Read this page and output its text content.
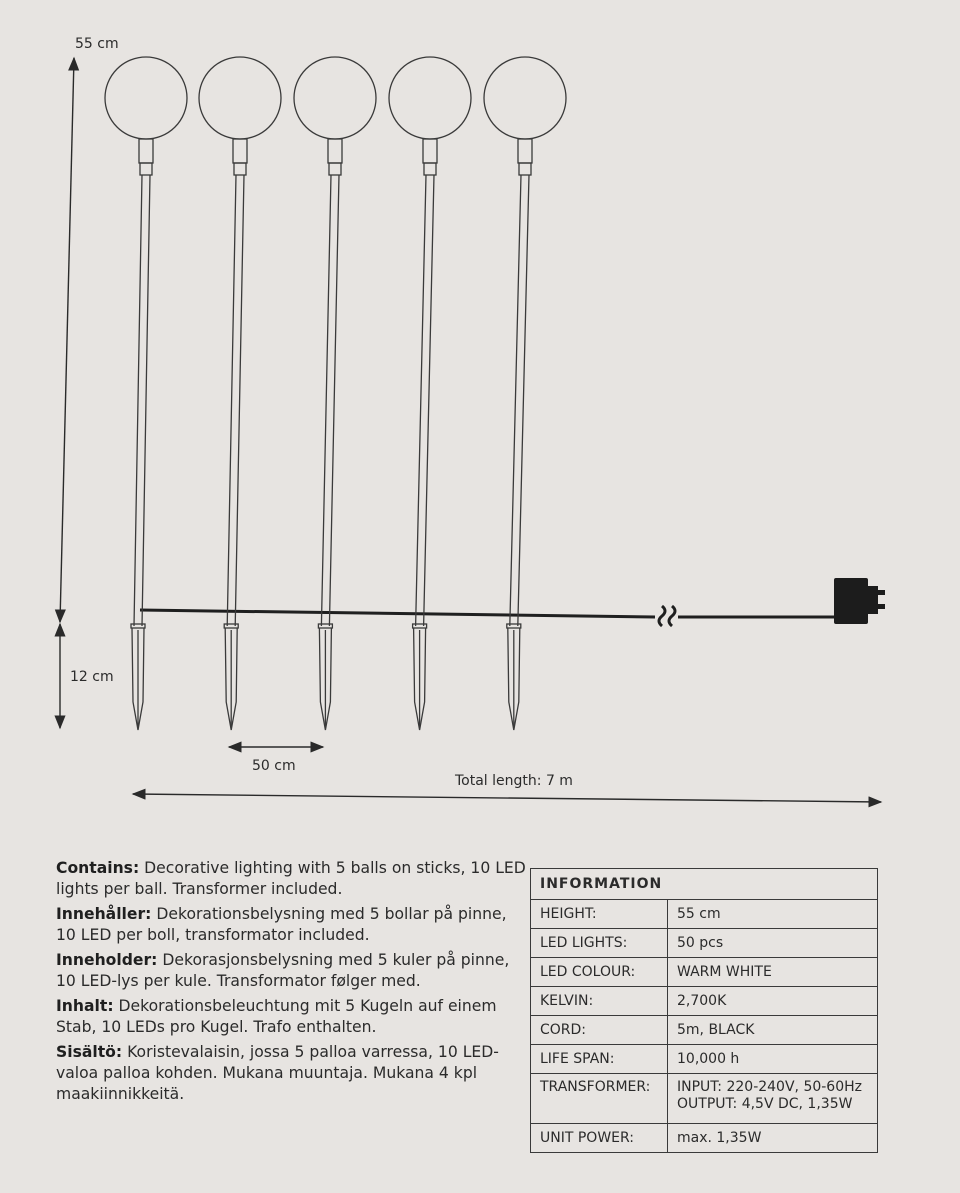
55 cm
12 cm
50 cm
Total length: 7 m

Contains: Decorative lighting with 5 balls on sticks, 10 LED lights per ball. Transformer included.

Innehåller: Dekorationsbelysning med 5 bollar på pinne, 10 LED per boll, transformator included.

Inneholder: Dekorasjonsbelysning med 5 kuler på pinne, 10 LED-lys per kule. Transformator følger med.

Inhalt: Dekorationsbeleuchtung mit 5 Kugeln auf einem Stab, 10 LEDs pro Kugel. Trafo enthalten.

Sisältö: Koristevalaisin, jossa 5 palloa varressa, 10 LED-valoa palloa kohden. Mukana muuntaja. Mukana 4 kpl maakiinnikkeitä.

INFORMATION	
HEIGHT:	55 cm
LED LIGHTS:	50 pcs
LED COLOUR:	WARM WHITE
KELVIN:	2,700K
CORD:	5m, BLACK
LIFE SPAN:	10,000 h
TRANSFORMER:	INPUT: 220-240V, 50-60Hz
OUTPUT: 4,5V DC, 1,35W

UNIT POWER:	max. 1,35W
